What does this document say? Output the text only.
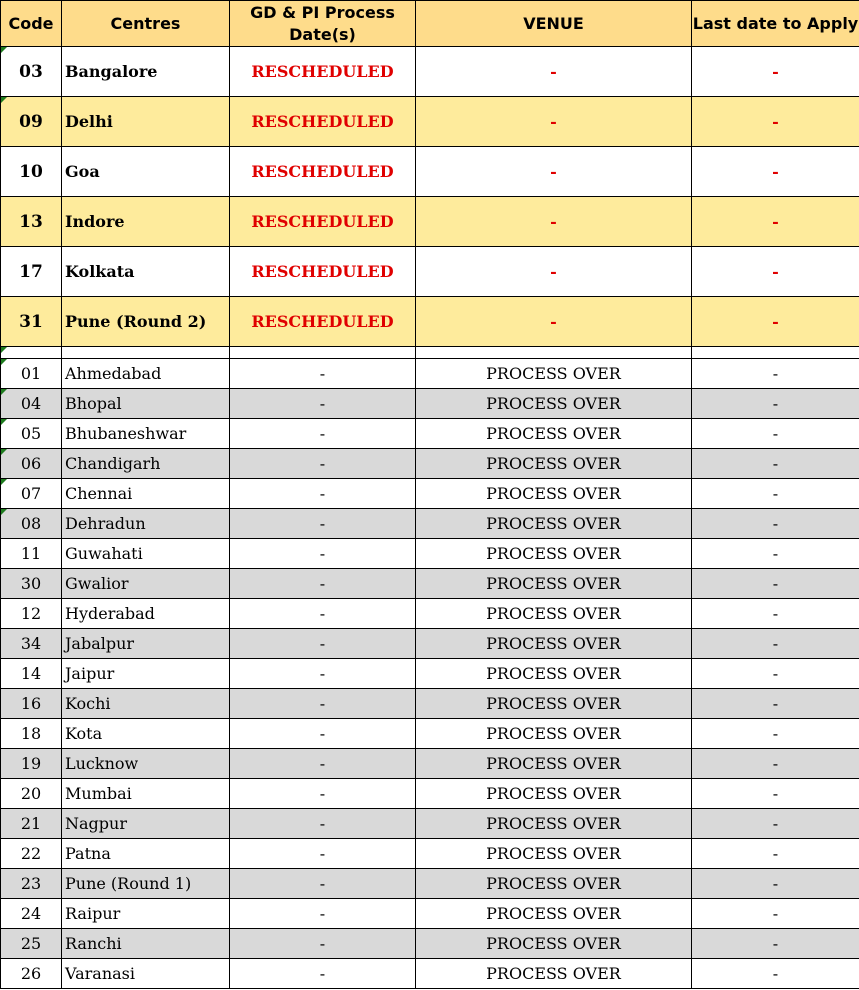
Code	Centres	GD & PI Process Date(s)	VENUE	Last date to Apply
03	Bangalore	RESCHEDULED	-	-
09	Delhi	RESCHEDULED	-	-
10	Goa	RESCHEDULED	-	-
13	Indore	RESCHEDULED	-	-
17	Kolkata	RESCHEDULED	-	-
31	Pune (Round 2)	RESCHEDULED	-	-

01	Ahmedabad	-	PROCESS OVER	-
04	Bhopal	-	PROCESS OVER	-
05	Bhubaneshwar	-	PROCESS OVER	-
06	Chandigarh	-	PROCESS OVER	-
07	Chennai	-	PROCESS OVER	-
08	Dehradun	-	PROCESS OVER	-
11	Guwahati	-	PROCESS OVER	-
30	Gwalior	-	PROCESS OVER	-
12	Hyderabad	-	PROCESS OVER	-
34	Jabalpur	-	PROCESS OVER	-
14	Jaipur	-	PROCESS OVER	-
16	Kochi	-	PROCESS OVER	-
18	Kota	-	PROCESS OVER	-
19	Lucknow	-	PROCESS OVER	-
20	Mumbai	-	PROCESS OVER	-
21	Nagpur	-	PROCESS OVER	-
22	Patna	-	PROCESS OVER	-
23	Pune (Round 1)	-	PROCESS OVER	-
24	Raipur	-	PROCESS OVER	-
25	Ranchi	-	PROCESS OVER	-
26	Varanasi	-	PROCESS OVER	-
